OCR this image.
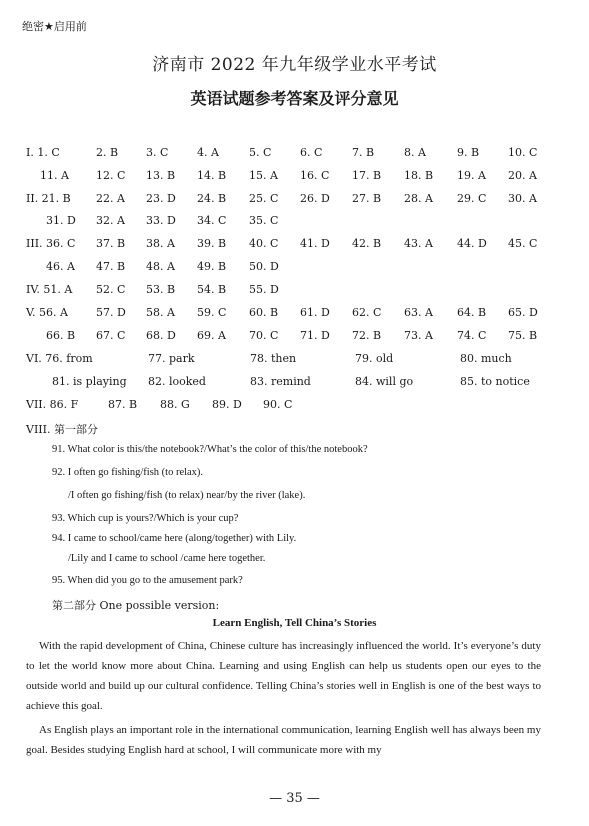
绝密★启用前
济南市 2022 年九年级学业水平考试
英语试题参考答案及评分意见
I. 1. C	2. B	3. C	4. A	5. C	6. C	7. B	8. A	9. B	10. C
11. A 12. C 13. B 14. B 15. A 16. C 17. B 18. B 19. A 20. A
II. 21. B 22. A 23. D 24. B 25. C 26. D 27. B 28. A 29. C 30. A
31. D 32. A 33. D 34. C 35. C
III. 36. C 37. B 38. A 39. B 40. C 41. D 42. B 43. A 44. D 45. C
46. A 47. B 48. A 49. B 50. D
IV. 51. A 52. C 53. B 54. B 55. D
V. 56. A	57. D 58. A 59. C 60. B 61. D 62. C 63. A 64. B 65. D
66. B 67. C 68. D 69. A 70. C 71. D 72. B 73. A 74. C 75. B
VI. 76. from	77. park	78. then	79. old	80. much
81. is playing 82. looked	83. remind	84. will go	85. to notice
VII. 86. F	87. B 88. G 89. D 90. C
VIII. 第一部分
91. What color is this/the notebook?/What’s the color of this/the notebook?
92. I often go fishing/fish (to relax).
/I often go fishing/fish (to relax) near/by the river (lake).
93. Which cup is yours?/Which is your cup?
94. I came to school/came here (along/together) with Lily.
/Lily and I came to school /came here together.
95. When did you go to the amusement park?
第二部分 One possible version:
Learn English, Tell China’s Stories
With the rapid development of China, Chinese culture has increasingly influenced the world. It’s everyone’s duty to let the world know more about China. Learning and using English can help us students open our eyes to the outside world and build up our cultural confidence. Telling China’s stories well in English is one of the best ways to achieve this goal.
As English plays an important role in the international communication, learning English well has always been my goal. Besides studying English hard at school, I will communicate more with my
— 35 —
